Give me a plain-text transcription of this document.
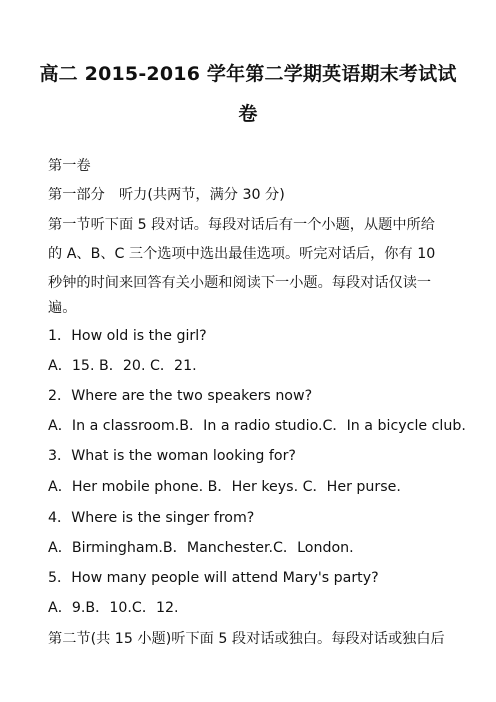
高二 2015-2016 学年第二学期英语期末考试试
卷
第一卷
第一部分　听力(共两节，满分 30 分)
第一节听下面 5 段对话。每段对话后有一个小题，从题中所给
的 A、B、C 三个选项中选出最佳选项。听完对话后，你有 10
秒钟的时间来回答有关小题和阅读下一小题。每段对话仅读一
遍。
1．How old is the girl?
A．15. B．20. C．21.
2．Where are the two speakers now?
A．In a classroom.B．In a radio studio.C．In a bicycle club.
3．What is the woman looking for?
A．Her mobile phone. B．Her keys. C．Her purse.
4．Where is the singer from?
A．Birmingham.B．Manchester.C．London.
5．How many people will attend Mary's party?
A．9.B．10.C．12.
第二节(共 15 小题)听下面 5 段对话或独白。每段对话或独白后
